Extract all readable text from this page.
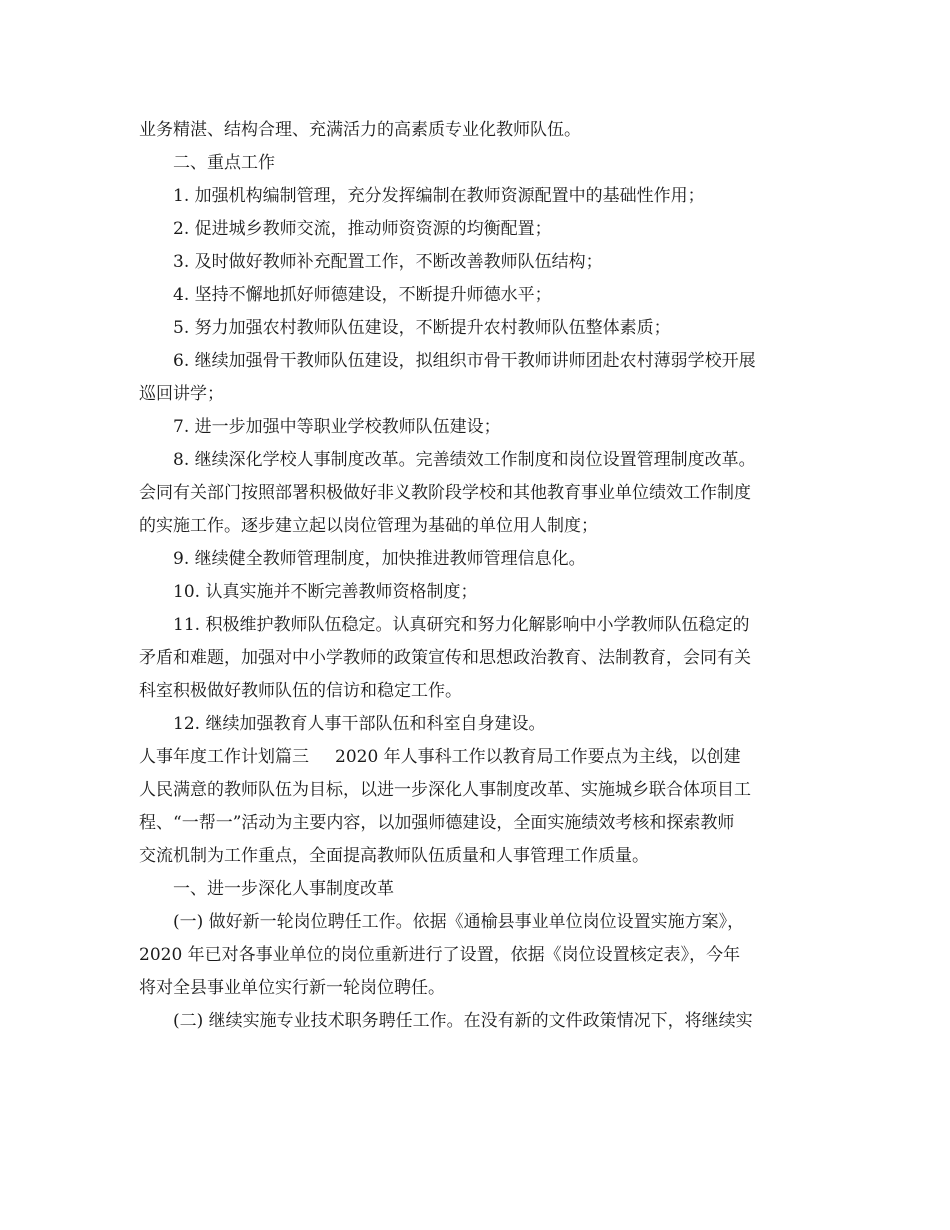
业务精湛、结构合理、充满活力的高素质专业化教师队伍。
二、重点工作
1. 加强机构编制管理，充分发挥编制在教师资源配置中的基础性作用；
2. 促进城乡教师交流，推动师资资源的均衡配置；
3. 及时做好教师补充配置工作，不断改善教师队伍结构；
4. 坚持不懈地抓好师德建设，不断提升师德水平；
5. 努力加强农村教师队伍建设，不断提升农村教师队伍整体素质；
6. 继续加强骨干教师队伍建设，拟组织市骨干教师讲师团赴农村薄弱学校开展
巡回讲学；
7. 进一步加强中等职业学校教师队伍建设；
8. 继续深化学校人事制度改革。完善绩效工作制度和岗位设置管理制度改革。
会同有关部门按照部署积极做好非义教阶段学校和其他教育事业单位绩效工作制度
的实施工作。逐步建立起以岗位管理为基础的单位用人制度；
9. 继续健全教师管理制度，加快推进教师管理信息化。
10. 认真实施并不断完善教师资格制度；
11. 积极维护教师队伍稳定。认真研究和努力化解影响中小学教师队伍稳定的
矛盾和难题，加强对中小学教师的政策宣传和思想政治教育、法制教育，会同有关
科室积极做好教师队伍的信访和稳定工作。
12. 继续加强教育人事干部队伍和科室自身建设。
人事年度工作计划篇三 2020 年人事科工作以教育局工作要点为主线，以创建
人民满意的教师队伍为目标，以进一步深化人事制度改革、实施城乡联合体项目工
程、“一帮一”活动为主要内容，以加强师德建设，全面实施绩效考核和探索教师
交流机制为工作重点，全面提高教师队伍质量和人事管理工作质量。
一、进一步深化人事制度改革
(一) 做好新一轮岗位聘任工作。依据《通榆县事业单位岗位设置实施方案》，
2020 年已对各事业单位的岗位重新进行了设置，依据《岗位设置核定表》，今年
将对全县事业单位实行新一轮岗位聘任。
(二) 继续实施专业技术职务聘任工作。在没有新的文件政策情况下，将继续实
